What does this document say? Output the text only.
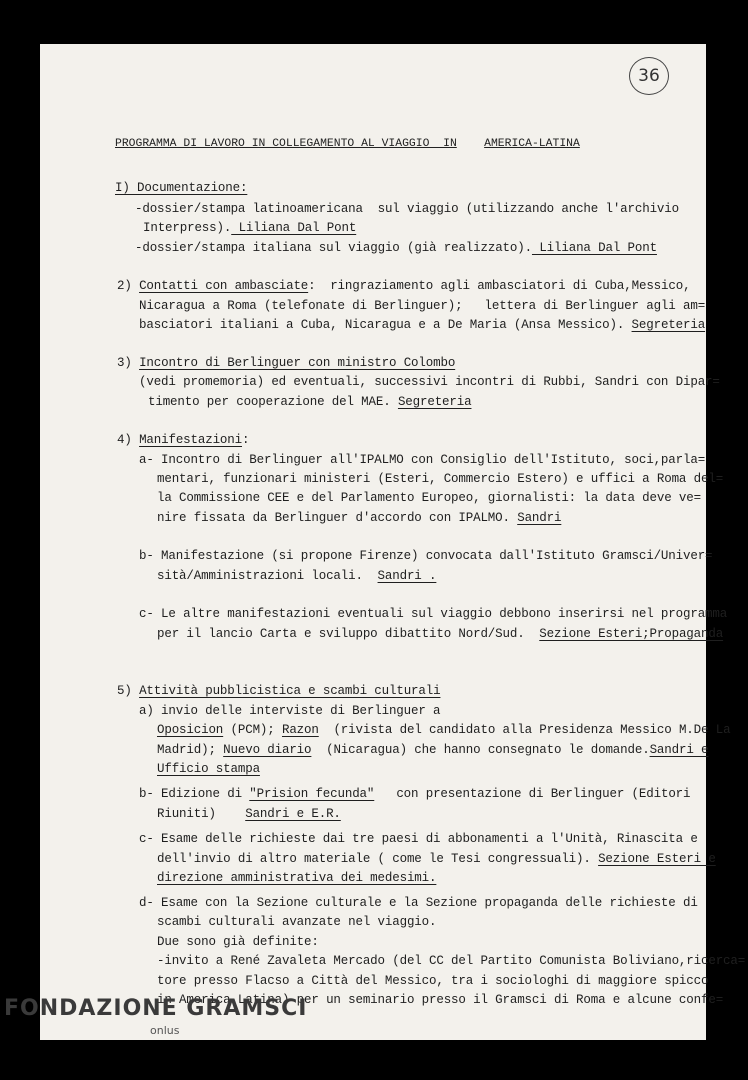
36
PROGRAMMA DI LAVORO IN COLLEGAMENTO AL VIAGGIO  IN AMERICA-LATINA
I) Documentazione:
-dossier/stampa latinoamericana  sul viaggio (utilizzando anche l'archivio
Interpress). Liliana Dal Pont
-dossier/stampa italiana sul viaggio (già realizzato). Liliana Dal Pont
2) Contatti con ambasciate:  ringraziamento agli ambasciatori di Cuba,Messico,
Nicaragua a Roma (telefonate di Berlinguer);   lettera di Berlinguer agli am=
basciatori italiani a Cuba, Nicaragua e a De Maria (Ansa Messico). Segreteria
3) Incontro di Berlinguer con ministro Colombo
(vedi promemoria) ed eventuali, successivi incontri di Rubbi, Sandri con Dipar=
timento per cooperazione del MAE. Segreteria
4) Manifestazioni:
a- Incontro di Berlinguer all'IPALMO con Consiglio dell'Istituto, soci,parla=
mentari, funzionari ministeri (Esteri, Commercio Estero) e uffici a Roma del=
la Commissione CEE e del Parlamento Europeo, giornalisti: la data deve ve=
nire fissata da Berlinguer d'accordo con IPALMO. Sandri
b- Manifestazione (si propone Firenze) convocata dall'Istituto Gramsci/Univer=
sità/Amministrazioni locali.  Sandri .
c- Le altre manifestazioni eventuali sul viaggio debbono inserirsi nel programma
per il lancio Carta e sviluppo dibattito Nord/Sud.  Sezione Esteri;Propaganda
5) Attività pubblicistica e scambi culturali
a) invio delle interviste di Berlinguer a
Oposicion (PCM); Razon  (rivista del candidato alla Presidenza Messico M.De La
Madrid); Nuevo diario  (Nicaragua) che hanno consegnato le domande.Sandri e
Ufficio stampa
b- Edizione di "Prision fecunda"   con presentazione di Berlinguer (Editori
Riuniti)    Sandri e E.R.
c- Esame delle richieste dai tre paesi di abbonamenti a l'Unità, Rinascita e
dell'invio di altro materiale ( come le Tesi congressuali). Sezione Esteri e
direzione amministrativa dei medesimi.
d- Esame con la Sezione culturale e la Sezione propaganda delle richieste di
scambi culturali avanzate nel viaggio.
Due sono già definite:
-invito a René Zavaleta Mercado (del CC del Partito Comunista Boliviano,ricerca=
tore presso Flacso a Città del Messico, tra i sociologhi di maggiore spicco
in America Latina) per un seminario presso il Gramsci di Roma e alcune confe=
FONDAZIONE GRAMSCI
onlus
